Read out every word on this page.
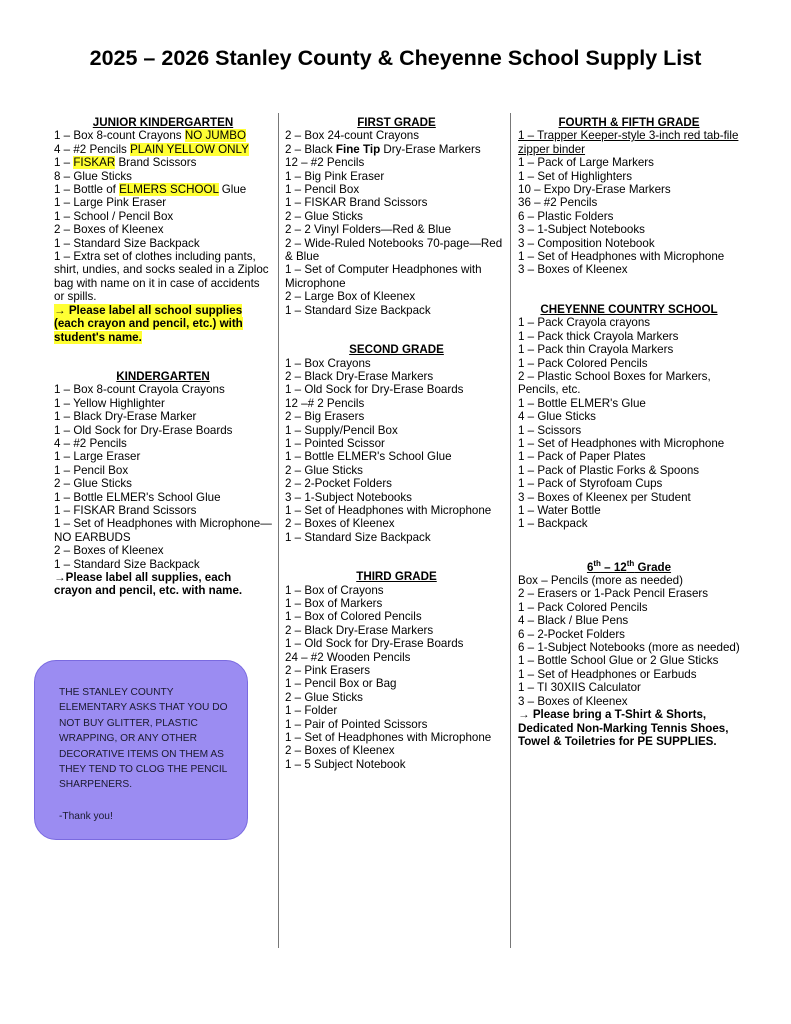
2025 – 2026 Stanley County & Cheyenne School Supply List
JUNIOR KINDERGARTEN
1 – Box 8-count Crayons NO JUMBO
4 – #2 Pencils PLAIN YELLOW ONLY
1 – FISKAR Brand Scissors
8 – Glue Sticks
1 – Bottle of ELMERS SCHOOL Glue
1 – Large Pink Eraser
1 – School / Pencil Box
2 – Boxes of Kleenex
1 – Standard Size Backpack
1 – Extra set of clothes including pants, shirt, undies, and socks sealed in a Ziploc bag with name on it in case of accidents or spills.
→ Please label all school supplies (each crayon and pencil, etc.) with student's name.
KINDERGARTEN
1 – Box 8-count Crayola Crayons
1 – Yellow Highlighter
1 – Black Dry-Erase Marker
1 – Old Sock for Dry-Erase Boards
4 – #2 Pencils
1 – Large Eraser
1 – Pencil Box
2 – Glue Sticks
1 – Bottle ELMER's School Glue
1 – FISKAR Brand Scissors
1 – Set of Headphones with Microphone—NO EARBUDS
2 – Boxes of Kleenex
1 – Standard Size Backpack
→Please label all supplies, each crayon and pencil, etc. with name.

THE STANLEY COUNTY ELEMENTARY ASKS THAT YOU DO NOT BUY GLITTER, PLASTIC WRAPPING, OR ANY OTHER DECORATIVE ITEMS ON THEM AS THEY TEND TO CLOG THE PENCIL SHARPENERS.

-Thank you!

FIRST GRADE
2 – Box 24-count Crayons
2 – Black Fine Tip Dry-Erase Markers
12 – #2 Pencils
1 – Big Pink Eraser
1 – Pencil Box
1 – FISKAR Brand Scissors
2 – Glue Sticks
2 – 2 Vinyl Folders—Red & Blue
2 – Wide-Ruled Notebooks 70-page—Red & Blue
1 – Set of Computer Headphones with Microphone
2 – Large Box of Kleenex
1 – Standard Size Backpack
SECOND GRADE
1 – Box Crayons
2 – Black Dry-Erase Markers
1 – Old Sock for Dry-Erase Boards
12 –# 2 Pencils
2 – Big Erasers
1 – Supply/Pencil Box
1 – Pointed Scissor
1 – Bottle ELMER's School Glue
2 – Glue Sticks
2 – 2-Pocket Folders
3 – 1-Subject Notebooks
1 – Set of Headphones with Microphone
2 – Boxes of Kleenex
1 – Standard Size Backpack
THIRD GRADE
1 – Box of Crayons
1 – Box of Markers
1 – Box of Colored Pencils
2 – Black Dry-Erase Markers
1 – Old Sock for Dry-Erase Boards
24 – #2 Wooden Pencils
2 – Pink Erasers
1 – Pencil Box or Bag
2 – Glue Sticks
1 – Folder
1 – Pair of Pointed Scissors
1 – Set of Headphones with Microphone
2 – Boxes of Kleenex
1 – 5 Subject Notebook
FOURTH & FIFTH GRADE
1 – Trapper Keeper-style 3-inch red tab-file zipper binder
1 – Pack of Large Markers
1 – Set of Highlighters
10 – Expo Dry-Erase Markers
36 – #2 Pencils
6 – Plastic Folders
3 – 1-Subject Notebooks
3 – Composition Notebook
1 – Set of Headphones with Microphone
3 – Boxes of Kleenex
CHEYENNE COUNTRY SCHOOL
1 – Pack Crayola crayons
1 – Pack thick Crayola Markers
1 – Pack thin Crayola Markers
1 – Pack Colored Pencils
2 – Plastic School Boxes for Markers, Pencils, etc.
1 – Bottle ELMER's Glue
4 – Glue Sticks
1 – Scissors
1 – Set of Headphones with Microphone
1 – Pack of Paper Plates
1 – Pack of Plastic Forks & Spoons
1 – Pack of Styrofoam Cups
3 – Boxes of Kleenex per Student
1 – Water Bottle
1 – Backpack
6th – 12th Grade
Box – Pencils (more as needed)
2 – Erasers or 1-Pack Pencil Erasers
1 – Pack Colored Pencils
4 – Black / Blue Pens
6 – 2-Pocket Folders
6 – 1-Subject Notebooks (more as needed)
1 – Bottle School Glue or 2 Glue Sticks
1 – Set of Headphones or Earbuds
1 – TI 30XIIS Calculator
3 – Boxes of Kleenex
→ Please bring a T-Shirt & Shorts, Dedicated Non-Marking Tennis Shoes, Towel & Toiletries for PE SUPPLIES.
